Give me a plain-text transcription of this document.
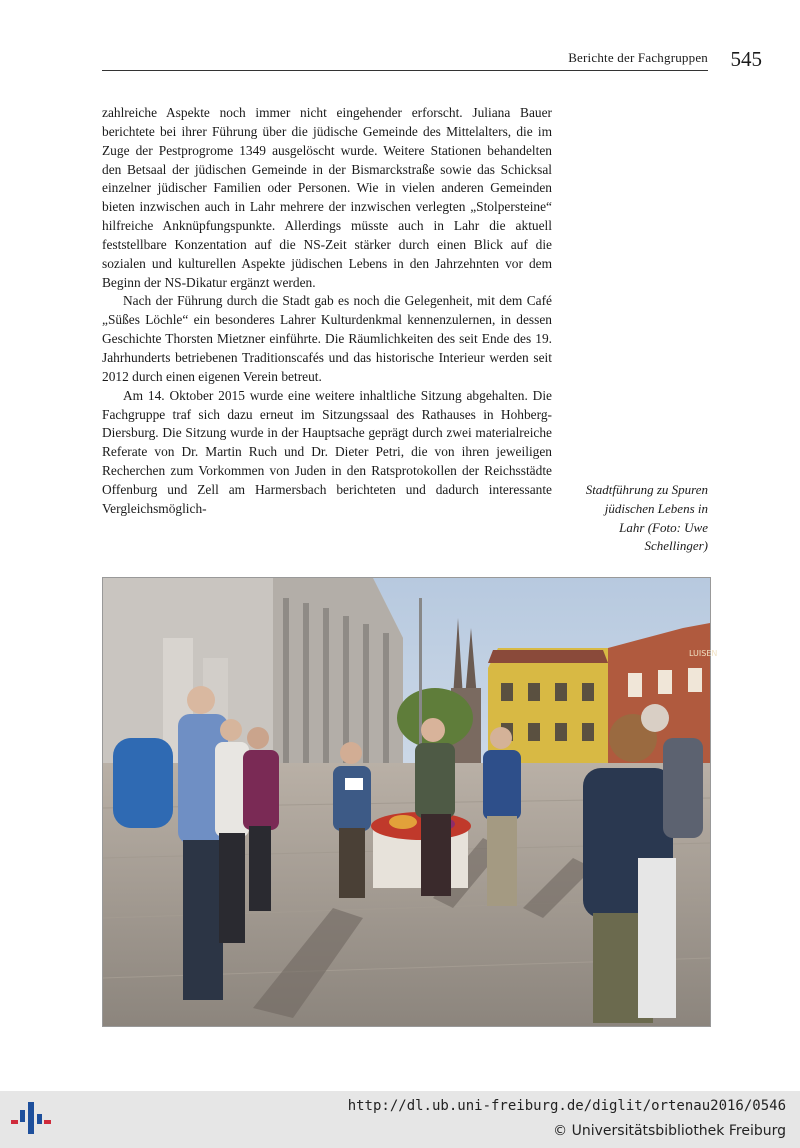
Berichte der Fachgruppen 545

zahlreiche Aspekte noch immer nicht eingehender erforscht. Juliana Bauer berichtete bei ihrer Führung über die jüdische Gemeinde des Mittelalters, die im Zuge der Pestprogrome 1349 ausgelöscht wurde. Weitere Stationen behandelten den Betsaal der jüdischen Gemeinde in der Bismarckstraße sowie das Schicksal einzelner jüdischer Familien oder Personen. Wie in vielen anderen Gemeinden bieten inzwischen auch in Lahr mehrere der inzwischen verlegten „Stolpersteine“ hilfreiche Anknüpfungspunkte. Allerdings müsste auch in Lahr die aktuell feststellbare Konzentation auf die NS-Zeit stärker durch einen Blick auf die sozialen und kulturellen Aspekte jüdischen Lebens in den Jahrzehnten vor dem Beginn der NS-Dikatur ergänzt werden.

Nach der Führung durch die Stadt gab es noch die Gelegenheit, mit dem Café „Süßes Löchle“ ein besonderes Lahrer Kulturdenkmal kennenzulernen, in dessen Geschichte Thorsten Mietzner einführte. Die Räumlichkeiten des seit Ende des 19. Jahrhunderts betriebenen Traditionscafés und das historische Interieur werden seit 2012 durch einen eigenen Verein betreut.

Am 14. Oktober 2015 wurde eine weitere inhaltliche Sitzung abgehalten. Die Fachgruppe traf sich dazu erneut im Sitzungssaal des Rathauses in Hohberg-Diersburg. Die Sitzung wurde in der Hauptsache geprägt durch zwei materialreiche Referate von Dr. Martin Ruch und Dr. Dieter Petri, die von ihren jeweiligen Recherchen zum Vorkommen von Juden in den Ratsprotokollen der Reichsstädte Offenburg und Zell am Harmersbach berichteten und dadurch interessante Vergleichsmöglich-

Stadtführung zu Spuren jüdischen Lebens in Lahr (Foto: Uwe Schellinger)
LUISEN
http://dl.ub.uni-freiburg.de/diglit/ortenau2016/0546
© Universitätsbibliothek Freiburg
